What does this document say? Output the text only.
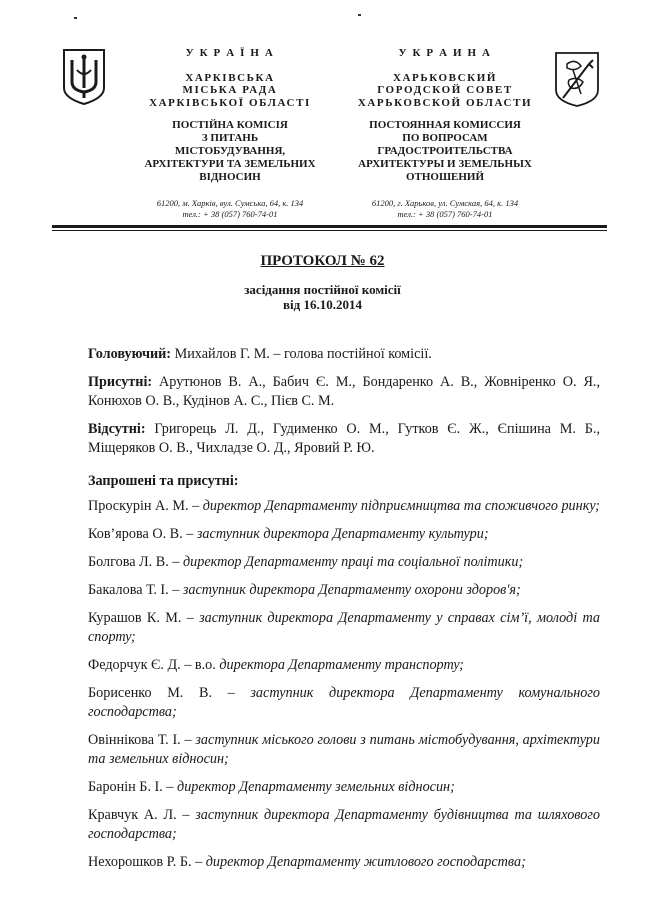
У К Р А Ї Н А
ХАРКІВСЬКА
МІСЬКА РАДА
ХАРКІВСЬКОЇ ОБЛАСТІ
ПОСТІЙНА КОМІСІЯ
З ПИТАНЬ
МІСТОБУДУВАННЯ,
АРХІТЕКТУРИ ТА ЗЕМЕЛЬНИХ
ВІДНОСИН
61200, м. Харків, вул. Сумська, 64, к. 134
тел.: + 38 (057) 760-74-01
У К Р А И Н А
ХАРЬКОВСКИЙ
ГОРОДСКОЙ СОВЕТ
ХАРЬКОВСКОЙ ОБЛАСТИ
ПОСТОЯННАЯ КОМИССИЯ
ПО ВОПРОСАМ
ГРАДОСТРОИТЕЛЬСТВА
АРХИТЕКТУРЫ И ЗЕМЕЛЬНЫХ
ОТНОШЕНИЙ
61200, г. Харьков, ул. Сумская, 64, к. 134
тел.: + 38 (057) 760-74-01
ПРОТОКОЛ № 62
засідання постійної комісії
від 16.10.2014

Головуючий: Михайлов Г. М. – голова постійної комісії.

Присутні: Арутюнов В. А., Бабич Є. М., Бондаренко А. В., Жовніренко О. Я., Конюхов О. В., Кудінов А. С., Пієв С. М.

Відсутні: Григорець Л. Д., Гудименко О. М., Гутков Є. Ж., Єпішина М. Б., Міщеряков О. В., Чихладзе О. Д., Яровий Р. Ю.

Запрошені та присутні:

Проскурін А. М. – директор Департаменту підприємництва та споживчого ринку;

Ков’ярова О. В. – заступник директора Департаменту культури;

Болгова Л. В. – директор Департаменту праці та соціальної політики;

Бакалова Т. І. – заступник директора Департаменту охорони здоров'я;

Курашов К. М. – заступник директора Департаменту у справах сім’ї, молоді та спорту;

Федорчук Є. Д. – в.о. директора Департаменту транспорту;

Борисенко М. В. – заступник директора Департаменту комунального господарства;

Овіннікова Т. І. – заступник міського голови з питань містобудування, архітектури та земельних відносин;

Баронін Б. І. – директор Департаменту земельних відносин;

Кравчук А. Л. – заступник директора Департаменту будівництва та шляхового господарства;

Нехорошков Р. Б. – директор Департаменту житлового господарства;
